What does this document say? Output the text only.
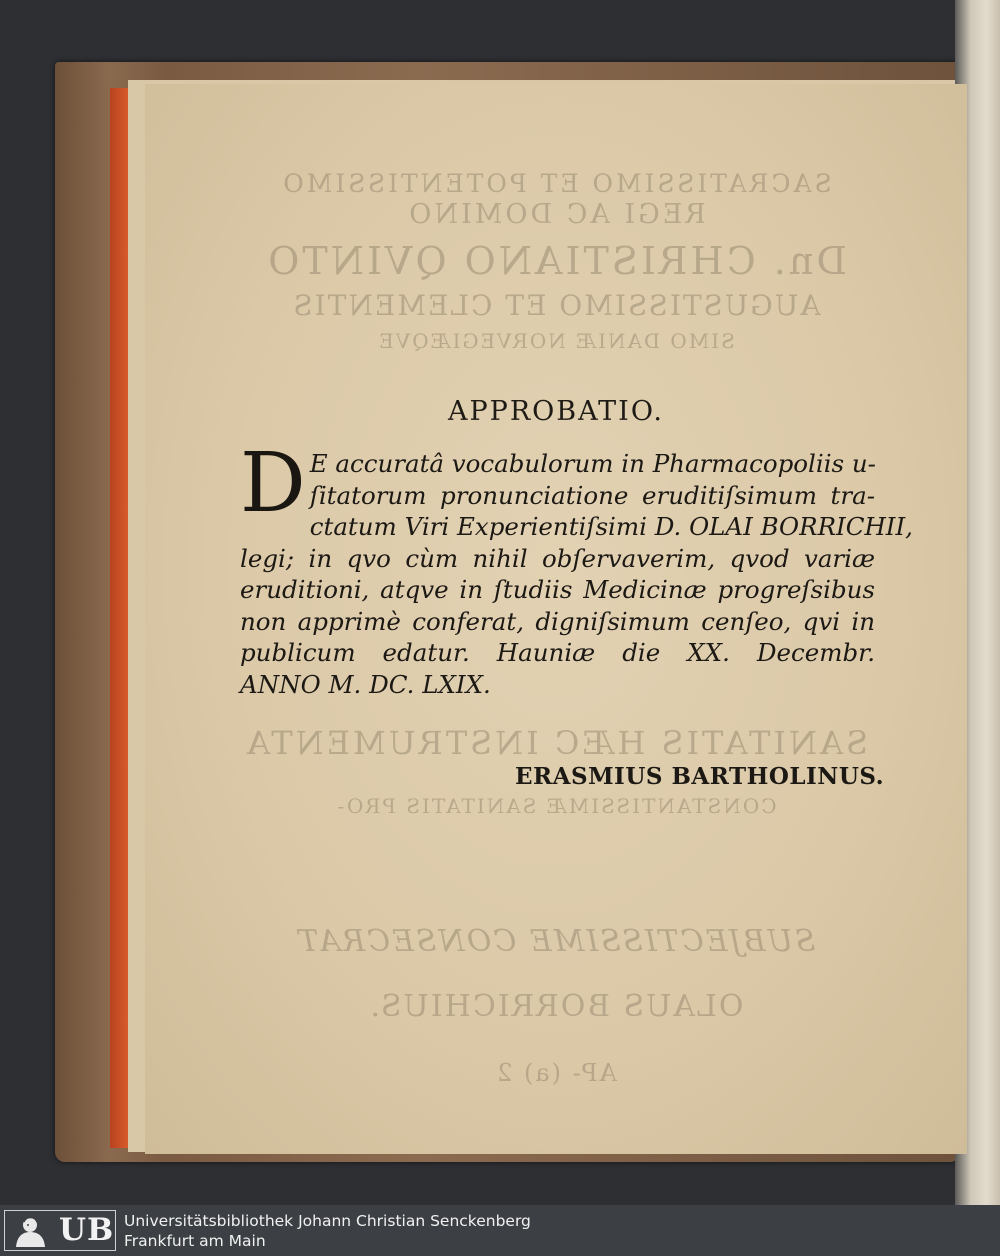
SACRATISSIMO ET POTENTISSIMO
REGI AC DOMINO
Dn. CHRISTIANO QVINTO
AUGUSTISSIMO ET CLEMENTIS
SIMO DANIÆ NORVEGIÆQVE
SANITATIS HÆC INSTRUMENTA
CONSTANTISSIMÆ SANITATIS PRO-
SUBJECTISSIME CONSECRAT
OLAUS BORRICHIUS.
AP- (a) 2
APPROBATIO.
D E accuratâ vocabulorum in Pharmacopoliis u-
ſitatorum pronunciatione eruditiſsimum tra-
ctatum Viri Experientiſsimi D. OLAI BORRICHII,
legi; in qvo cùm nihil obſervaverim, qvod variæ
eruditioni, atqve in ſtudiis Medicinæ progreſsibus
non apprimè conferat, digniſsimum cenſeo, qvi in
publicum edatur. Hauniæ die XX. Decembr.
ANNO M. DC. LXIX.
ERASMIUS BARTHOLINUS.
UB Universitätsbibliothek Johann Christian Senckenberg
Frankfurt am Main
